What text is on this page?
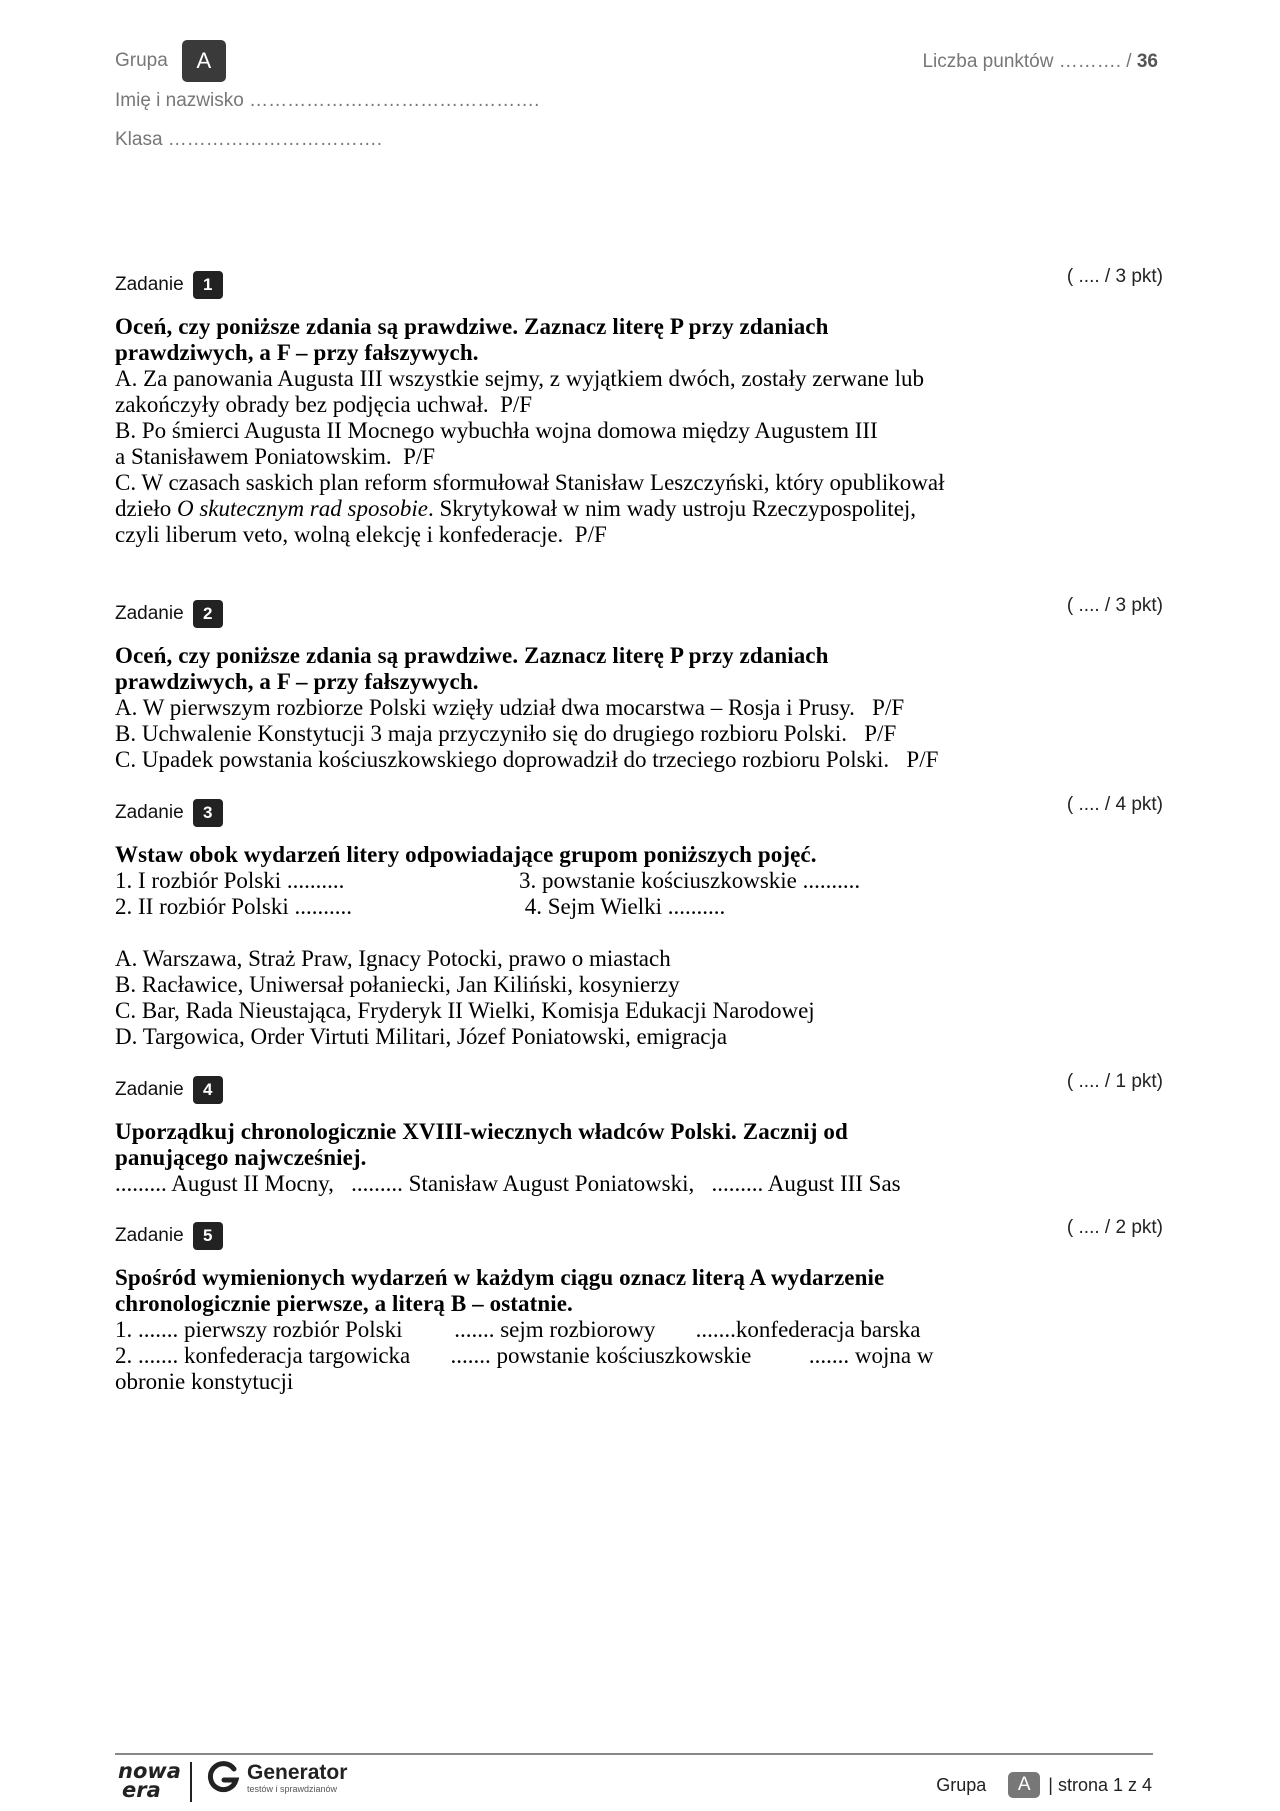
Grupa	A
Imię i nazwisko ……………………………………….
Klasa …………………………….
Liczba punktów ………. / 36
Zadanie	1	( .... / 3 pkt)
Oceń, czy poniższe zdania są prawdziwe. Zaznacz literę P przy zdaniach
prawdziwych, a F – przy fałszywych.
A. Za panowania Augusta III wszystkie sejmy, z wyjątkiem dwóch, zostały zerwane lub
zakończyły obrady bez podjęcia uchwał.  P/F
B. Po śmierci Augusta II Mocnego wybuchła wojna domowa między Augustem III
a Stanisławem Poniatowskim.  P/F
C. W czasach saskich plan reform sformułował Stanisław Leszczyński, który opublikował
dzieło O skutecznym rad sposobie. Skrytykował w nim wady ustroju Rzeczypospolitej,
czyli liberum veto, wolną elekcję i konfederacje.  P/F
Zadanie	2	( .... / 3 pkt)
Oceń, czy poniższe zdania są prawdziwe. Zaznacz literę P przy zdaniach
prawdziwych, a F – przy fałszywych.
A. W pierwszym rozbiorze Polski wzięły udział dwa mocarstwa – Rosja i Prusy.   P/F
B. Uchwalenie Konstytucji 3 maja przyczyniło się do drugiego rozbioru Polski.   P/F
C. Upadek powstania kościuszkowskiego doprowadził do trzeciego rozbioru Polski.   P/F
Zadanie	3	( .... / 4 pkt)
Wstaw obok wydarzeń litery odpowiadające grupom poniższych pojęć.
1. I rozbiór Polski ..........	3. powstanie kościuszkowskie ..........
2. II rozbiór Polski ..........	4. Sejm Wielki ..........
A. Warszawa, Straż Praw, Ignacy Potocki, prawo o miastach
B. Racławice, Uniwersał połaniecki, Jan Kiliński, kosynierzy
C. Bar, Rada Nieustająca, Fryderyk II Wielki, Komisja Edukacji Narodowej
D. Targowica, Order Virtuti Militari, Józef Poniatowski, emigracja
Zadanie	4	( .... / 1 pkt)
Uporządkuj chronologicznie XVIII-wiecznych władców Polski. Zacznij od
panującego najwcześniej.
......... August II Mocny,   ......... Stanisław August Poniatowski,   ......... August III Sas
Zadanie	5	( .... / 2 pkt)
Spośród wymienionych wydarzeń w każdym ciągu oznacz literą A wydarzenie
chronologicznie pierwsze, a literą B – ostatnie.
1. ....... pierwszy rozbiór Polski         ....... sejm rozbiorowy       .......konfederacja barska
2. ....... konfederacja targowicka       ....... powstanie kościuszkowskie          ....... wojna w
obronie konstytucji
nowa
era
Generator
testów i sprawdzianów	Grupa	A | strona 1 z 4
